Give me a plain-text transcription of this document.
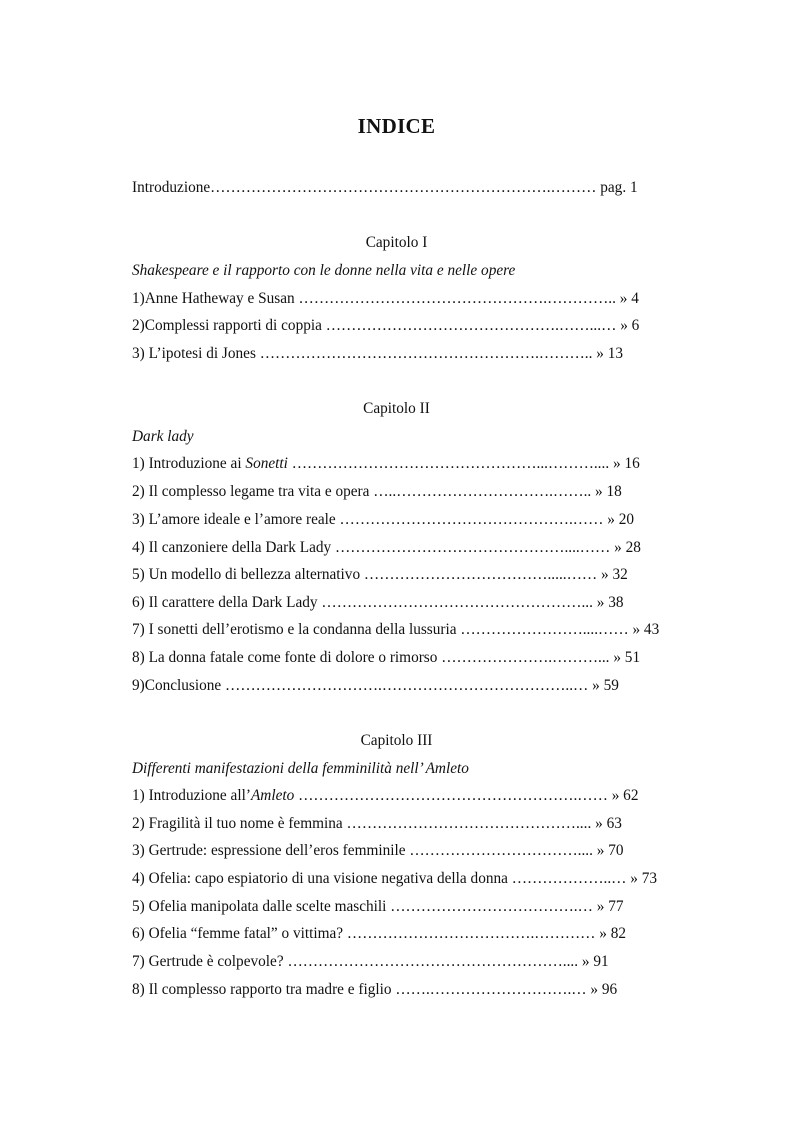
INDICE
Introduzione………………………………………………………….……… pag. 1
Capitolo I
Shakespeare e il rapporto con le donne nella vita e nelle opere
1)Anne Hatheway e Susan ………………………………………….………….. » 4
2)Complessi rapporti di coppia ……………………………………….……...… » 6
3) L’ipotesi di Jones ……………………………………………….……….. » 13
Capitolo II
Dark lady
1) Introduzione ai Sonetti …………………………………………...……….... » 16
2) Il complesso legame tra vita e opera …..………………………….…….. » 18
3) L’amore ideale e l’amore reale ……………………………………….…… » 20
4) Il canzoniere della Dark Lady ………………………………………....…… » 28
5) Un modello di bellezza alternativo ……………………………….....…… » 32
6) Il carattere della Dark Lady ……………………………………………... » 38
7) I sonetti dell’erotismo e la condanna della lussuria ……………………....…… » 43
8) La donna fatale come fonte di dolore o rimorso ………………….………... » 51
9)Conclusione ………………………….………………………………..… » 59
Capitolo III
Differenti manifestazioni della femminilità nell’ Amleto
1) Introduzione all’Amleto ……………………………………………….…… » 62
2) Fragilità il tuo nome è femmina ……………………………………….... » 63
3) Gertrude: espressione dell’eros femminile …………………………….... » 70
4) Ofelia: capo espiatorio di una visione negativa della donna ………………..… » 73
5) Ofelia manipolata dalle scelte maschili ……………………………….… » 77
6) Ofelia “femme fatal” o vittima? ……………………………….………… » 82
7) Gertrude è colpevole? ……………………………………………….... » 91
8) Il complesso rapporto tra madre e figlio …….……………………….… » 96
